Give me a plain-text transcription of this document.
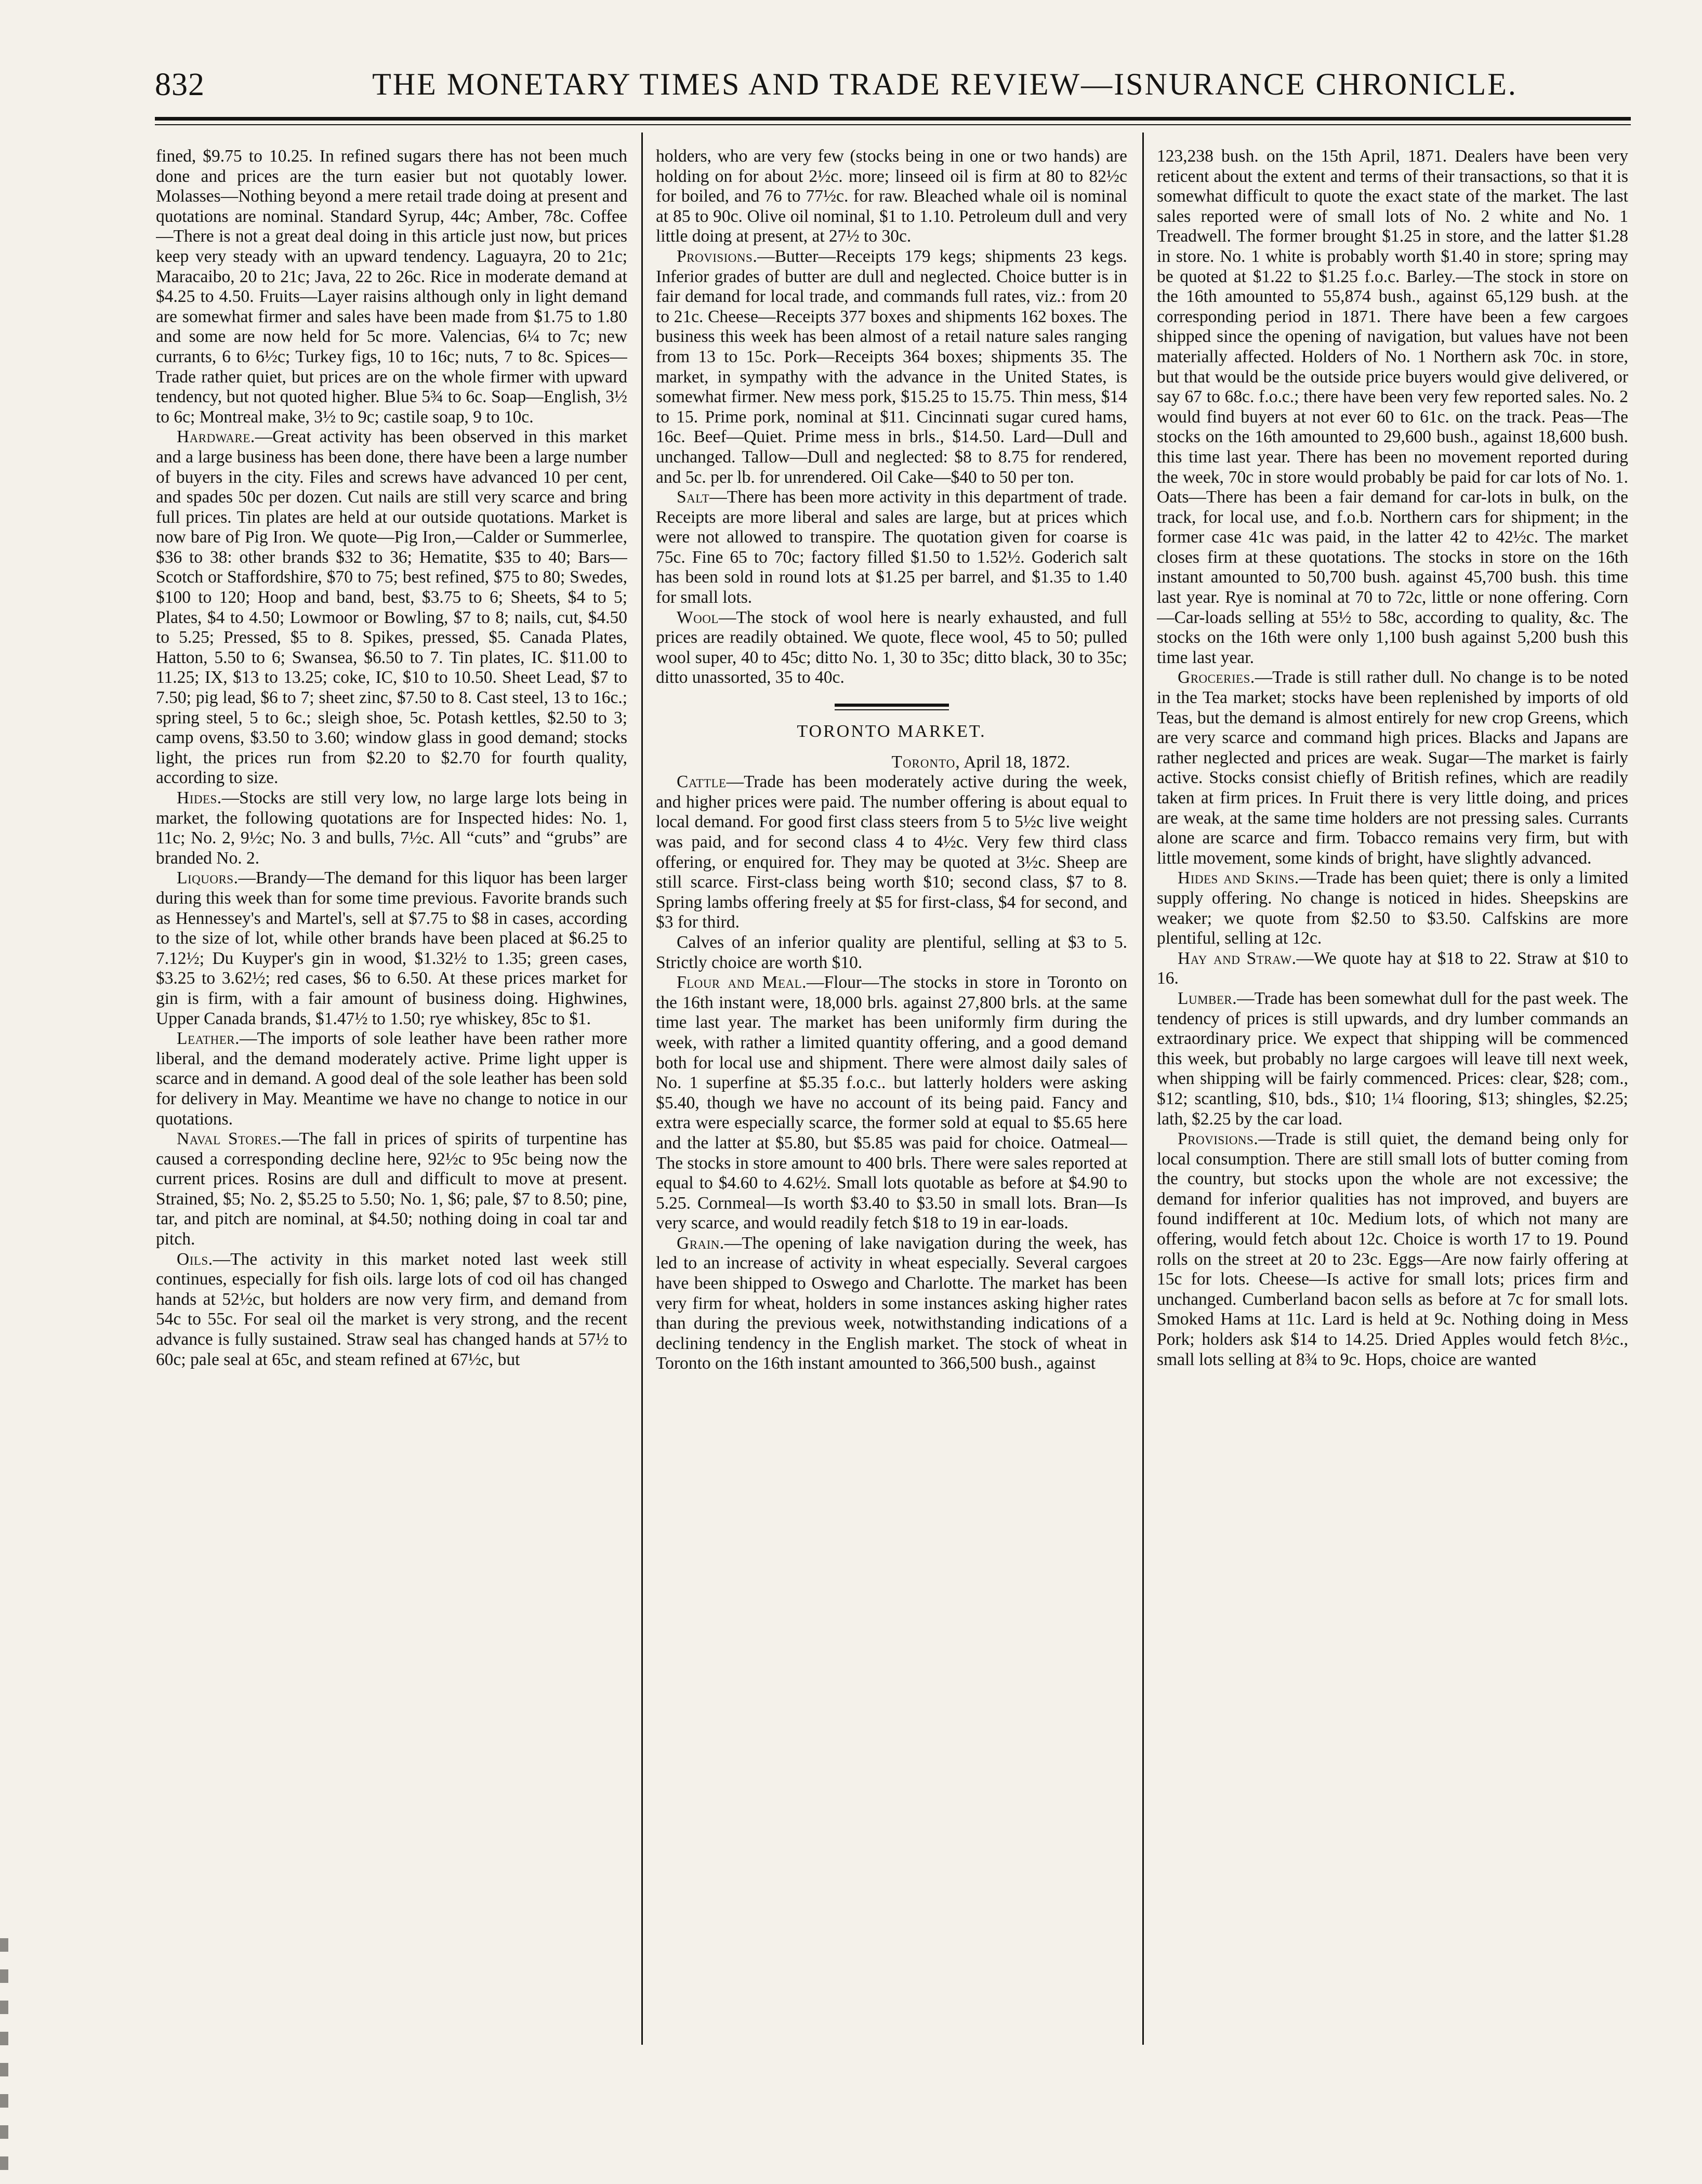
832	THE MONETARY TIMES AND TRADE REVIEW—ISNURANCE CHRONICLE.

fined, $9.75 to 10.25. In refined sugars there has not been much done and prices are the turn easier but not quotably lower. Molasses—Nothing beyond a mere retail trade doing at present and quotations are nominal. Standard Syrup, 44c; Amber, 78c. Coffee—There is not a great deal doing in this article just now, but prices keep very steady with an upward tendency. Laguayra, 20 to 21c; Maracaibo, 20 to 21c; Java, 22 to 26c. Rice in moderate demand at $4.25 to 4.50. Fruits—Layer raisins although only in light demand are somewhat firmer and sales have been made from $1.75 to 1.80 and some are now held for 5c more. Valencias, 6¼ to 7c; new currants, 6 to 6½c; Turkey figs, 10 to 16c; nuts, 7 to 8c. Spices—Trade rather quiet, but prices are on the whole firmer with upward tendency, but not quoted higher. Blue 5¾ to 6c. Soap—English, 3½ to 6c; Montreal make, 3½ to 9c; castile soap, 9 to 10c.

Hardware.—Great activity has been observed in this market and a large business has been done, there have been a large number of buyers in the city. Files and screws have advanced 10 per cent, and spades 50c per dozen. Cut nails are still very scarce and bring full prices. Tin plates are held at our outside quotations. Market is now bare of Pig Iron. We quote—Pig Iron,—Calder or Summerlee, $36 to 38: other brands $32 to 36; Hematite, $35 to 40; Bars—Scotch or Staffordshire, $70 to 75; best refined, $75 to 80; Swedes, $100 to 120; Hoop and band, best, $3.75 to 6; Sheets, $4 to 5; Plates, $4 to 4.50; Lowmoor or Bowling, $7 to 8; nails, cut, $4.50 to 5.25; Pressed, $5 to 8. Spikes, pressed, $5. Canada Plates, Hatton, 5.50 to 6; Swansea, $6.50 to 7. Tin plates, IC. $11.00 to 11.25; IX, $13 to 13.25; coke, IC, $10 to 10.50. Sheet Lead, $7 to 7.50; pig lead, $6 to 7; sheet zinc, $7.50 to 8. Cast steel, 13 to 16c.; spring steel, 5 to 6c.; sleigh shoe, 5c. Potash kettles, $2.50 to 3; camp ovens, $3.50 to 3.60; window glass in good demand; stocks light, the prices run from $2.20 to $2.70 for fourth quality, according to size.

Hides.—Stocks are still very low, no large large lots being in market, the following quotations are for Inspected hides: No. 1, 11c; No. 2, 9½c; No. 3 and bulls, 7½c. All “cuts” and “grubs” are branded No. 2.

Liquors.—Brandy—The demand for this liquor has been larger during this week than for some time previous. Favorite brands such as Hennessey's and Martel's, sell at $7.75 to $8 in cases, according to the size of lot, while other brands have been placed at $6.25 to 7.12½; Du Kuyper's gin in wood, $1.32½ to 1.35; green cases, $3.25 to 3.62½; red cases, $6 to 6.50. At these prices market for gin is firm, with a fair amount of business doing. Highwines, Upper Canada brands, $1.47½ to 1.50; rye whiskey, 85c to $1.

Leather.—The imports of sole leather have been rather more liberal, and the demand moderately active. Prime light upper is scarce and in demand. A good deal of the sole leather has been sold for delivery in May. Meantime we have no change to notice in our quotations.

Naval Stores.—The fall in prices of spirits of turpentine has caused a corresponding decline here, 92½c to 95c being now the current prices. Rosins are dull and difficult to move at present. Strained, $5; No. 2, $5.25 to 5.50; No. 1, $6; pale, $7 to 8.50; pine, tar, and pitch are nominal, at $4.50; nothing doing in coal tar and pitch.

Oils.—The activity in this market noted last week still continues, especially for fish oils. large lots of cod oil has changed hands at 52½c, but holders are now very firm, and demand from 54c to 55c. For seal oil the market is very strong, and the recent advance is fully sustained. Straw seal has changed hands at 57½ to 60c; pale seal at 65c, and steam refined at 67½c, but

holders, who are very few (stocks being in one or two hands) are holding on for about 2½c. more; linseed oil is firm at 80 to 82½c for boiled, and 76 to 77½c. for raw. Bleached whale oil is nominal at 85 to 90c. Olive oil nominal, $1 to 1.10. Petroleum dull and very little doing at present, at 27½ to 30c.

Provisions.—Butter—Receipts 179 kegs; shipments 23 kegs. Inferior grades of butter are dull and neglected. Choice butter is in fair demand for local trade, and commands full rates, viz.: from 20 to 21c. Cheese—Receipts 377 boxes and shipments 162 boxes. The business this week has been almost of a retail nature sales ranging from 13 to 15c. Pork—Receipts 364 boxes; shipments 35. The market, in sympathy with the advance in the United States, is somewhat firmer. New mess pork, $15.25 to 15.75. Thin mess, $14 to 15. Prime pork, nominal at $11. Cincinnati sugar cured hams, 16c. Beef—Quiet. Prime mess in brls., $14.50. Lard—Dull and unchanged. Tallow—Dull and neglected: $8 to 8.75 for rendered, and 5c. per lb. for unrendered. Oil Cake—$40 to 50 per ton.

Salt—There has been more activity in this department of trade. Receipts are more liberal and sales are large, but at prices which were not allowed to transpire. The quotation given for coarse is 75c. Fine 65 to 70c; factory filled $1.50 to 1.52½. Goderich salt has been sold in round lots at $1.25 per barrel, and $1.35 to 1.40 for small lots.

Wool—The stock of wool here is nearly exhausted, and full prices are readily obtained. We quote, flece wool, 45 to 50; pulled wool super, 40 to 45c; ditto No. 1, 30 to 35c; ditto black, 30 to 35c; ditto unassorted, 35 to 40c.

TORONTO MARKET.

Toronto, April 18, 1872.

Cattle—Trade has been moderately active during the week, and higher prices were paid. The number offering is about equal to local demand. For good first class steers from 5 to 5½c live weight was paid, and for second class 4 to 4½c. Very few third class offering, or enquired for. They may be quoted at 3½c. Sheep are still scarce. First-class being worth $10; second class, $7 to 8. Spring lambs offering freely at $5 for first-class, $4 for second, and $3 for third.

Calves of an inferior quality are plentiful, selling at $3 to 5. Strictly choice are worth $10.

Flour and Meal.—Flour—The stocks in store in Toronto on the 16th instant were, 18,000 brls. against 27,800 brls. at the same time last year. The market has been uniformly firm during the week, with rather a limited quantity offering, and a good demand both for local use and shipment. There were almost daily sales of No. 1 superfine at $5.35 f.o.c.. but latterly holders were asking $5.40, though we have no account of its being paid. Fancy and extra were especially scarce, the former sold at equal to $5.65 here and the latter at $5.80, but $5.85 was paid for choice. Oatmeal—The stocks in store amount to 400 brls. There were sales reported at equal to $4.60 to 4.62½. Small lots quotable as before at $4.90 to 5.25. Cornmeal—Is worth $3.40 to $3.50 in small lots. Bran—Is very scarce, and would readily fetch $18 to 19 in ear-loads.

Grain.—The opening of lake navigation during the week, has led to an increase of activity in wheat especially. Several cargoes have been shipped to Oswego and Charlotte. The market has been very firm for wheat, holders in some instances asking higher rates than during the previous week, notwithstanding indications of a declining tendency in the English market. The stock of wheat in Toronto on the 16th instant amounted to 366,500 bush., against

123,238 bush. on the 15th April, 1871. Dealers have been very reticent about the extent and terms of their transactions, so that it is somewhat difficult to quote the exact state of the market. The last sales reported were of small lots of No. 2 white and No. 1 Treadwell. The former brought $1.25 in store, and the latter $1.28 in store. No. 1 white is probably worth $1.40 in store; spring may be quoted at $1.22 to $1.25 f.o.c. Barley.—The stock in store on the 16th amounted to 55,874 bush., against 65,129 bush. at the corresponding period in 1871. There have been a few cargoes shipped since the opening of navigation, but values have not been materially affected. Holders of No. 1 Northern ask 70c. in store, but that would be the outside price buyers would give delivered, or say 67 to 68c. f.o.c.; there have been very few reported sales. No. 2 would find buyers at not ever 60 to 61c. on the track. Peas—The stocks on the 16th amounted to 29,600 bush., against 18,600 bush. this time last year. There has been no movement reported during the week, 70c in store would probably be paid for car lots of No. 1. Oats—There has been a fair demand for car-lots in bulk, on the track, for local use, and f.o.b. Northern cars for shipment; in the former case 41c was paid, in the latter 42 to 42½c. The market closes firm at these quotations. The stocks in store on the 16th instant amounted to 50,700 bush. against 45,700 bush. this time last year. Rye is nominal at 70 to 72c, little or none offering. Corn—Car-loads selling at 55½ to 58c, according to quality, &c. The stocks on the 16th were only 1,100 bush against 5,200 bush this time last year.

Groceries.—Trade is still rather dull. No change is to be noted in the Tea market; stocks have been replenished by imports of old Teas, but the demand is almost entirely for new crop Greens, which are very scarce and command high prices. Blacks and Japans are rather neglected and prices are weak. Sugar—The market is fairly active. Stocks consist chiefly of British refines, which are readily taken at firm prices. In Fruit there is very little doing, and prices are weak, at the same time holders are not pressing sales. Currants alone are scarce and firm. Tobacco remains very firm, but with little movement, some kinds of bright, have slightly advanced.

Hides and Skins.—Trade has been quiet; there is only a limited supply offering. No change is noticed in hides. Sheepskins are weaker; we quote from $2.50 to $3.50. Calfskins are more plentiful, selling at 12c.

Hay and Straw.—We quote hay at $18 to 22. Straw at $10 to 16.

Lumber.—Trade has been somewhat dull for the past week. The tendency of prices is still upwards, and dry lumber commands an extraordinary price. We expect that shipping will be commenced this week, but probably no large cargoes will leave till next week, when shipping will be fairly commenced. Prices: clear, $28; com., $12; scantling, $10, bds., $10; 1¼ flooring, $13; shingles, $2.25; lath, $2.25 by the car load.

Provisions.—Trade is still quiet, the demand being only for local consumption. There are still small lots of butter coming from the country, but stocks upon the whole are not excessive; the demand for inferior qualities has not improved, and buyers are found indifferent at 10c. Medium lots, of which not many are offering, would fetch about 12c. Choice is worth 17 to 19. Pound rolls on the street at 20 to 23c. Eggs—Are now fairly offering at 15c for lots. Cheese—Is active for small lots; prices firm and unchanged. Cumberland bacon sells as before at 7c for small lots. Smoked Hams at 11c. Lard is held at 9c. Nothing doing in Mess Pork; holders ask $14 to 14.25. Dried Apples would fetch 8½c., small lots selling at 8¾ to 9c. Hops, choice are wanted
